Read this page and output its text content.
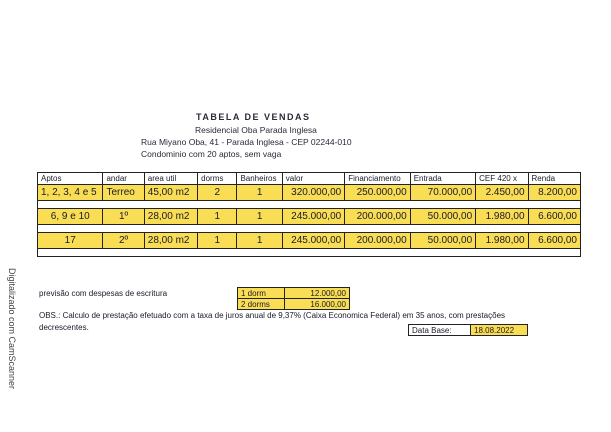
Digitalizado com CamScanner
TABELA DE VENDAS
Residencial Oba Parada Inglesa
Rua Miyano Oba, 41 - Parada Inglesa - CEP 02244-010
Condominio com 20 aptos, sem vaga
Aptos	andar	area util	dorms	Banheiros	valor	Financiamento	Entrada	CEF 420 x	Renda
1, 2, 3, 4 e 5	Terreo	45,00 m2	2	1	320.000,00	250.000,00	70.000,00	2.450,00	8.200,00

6, 9 e 10	1º	28,00 m2	1	1	245.000,00	200.000,00	50.000,00	1.980,00	6.600,00

17	2º	28,00 m2	1	1	245.000,00	200.000,00	50.000,00	1.980,00	6.600,00

previsão com despesas de escritura	1 dorm	12.000,00
2 dorms	16.000,00
OBS.: Calculo de prestação efetuado com a taxa de juros anual de 9,37% (Caixa Economica Federal) em 35 anos, com prestações decrescentes.	Data Base:	18.08.2022
